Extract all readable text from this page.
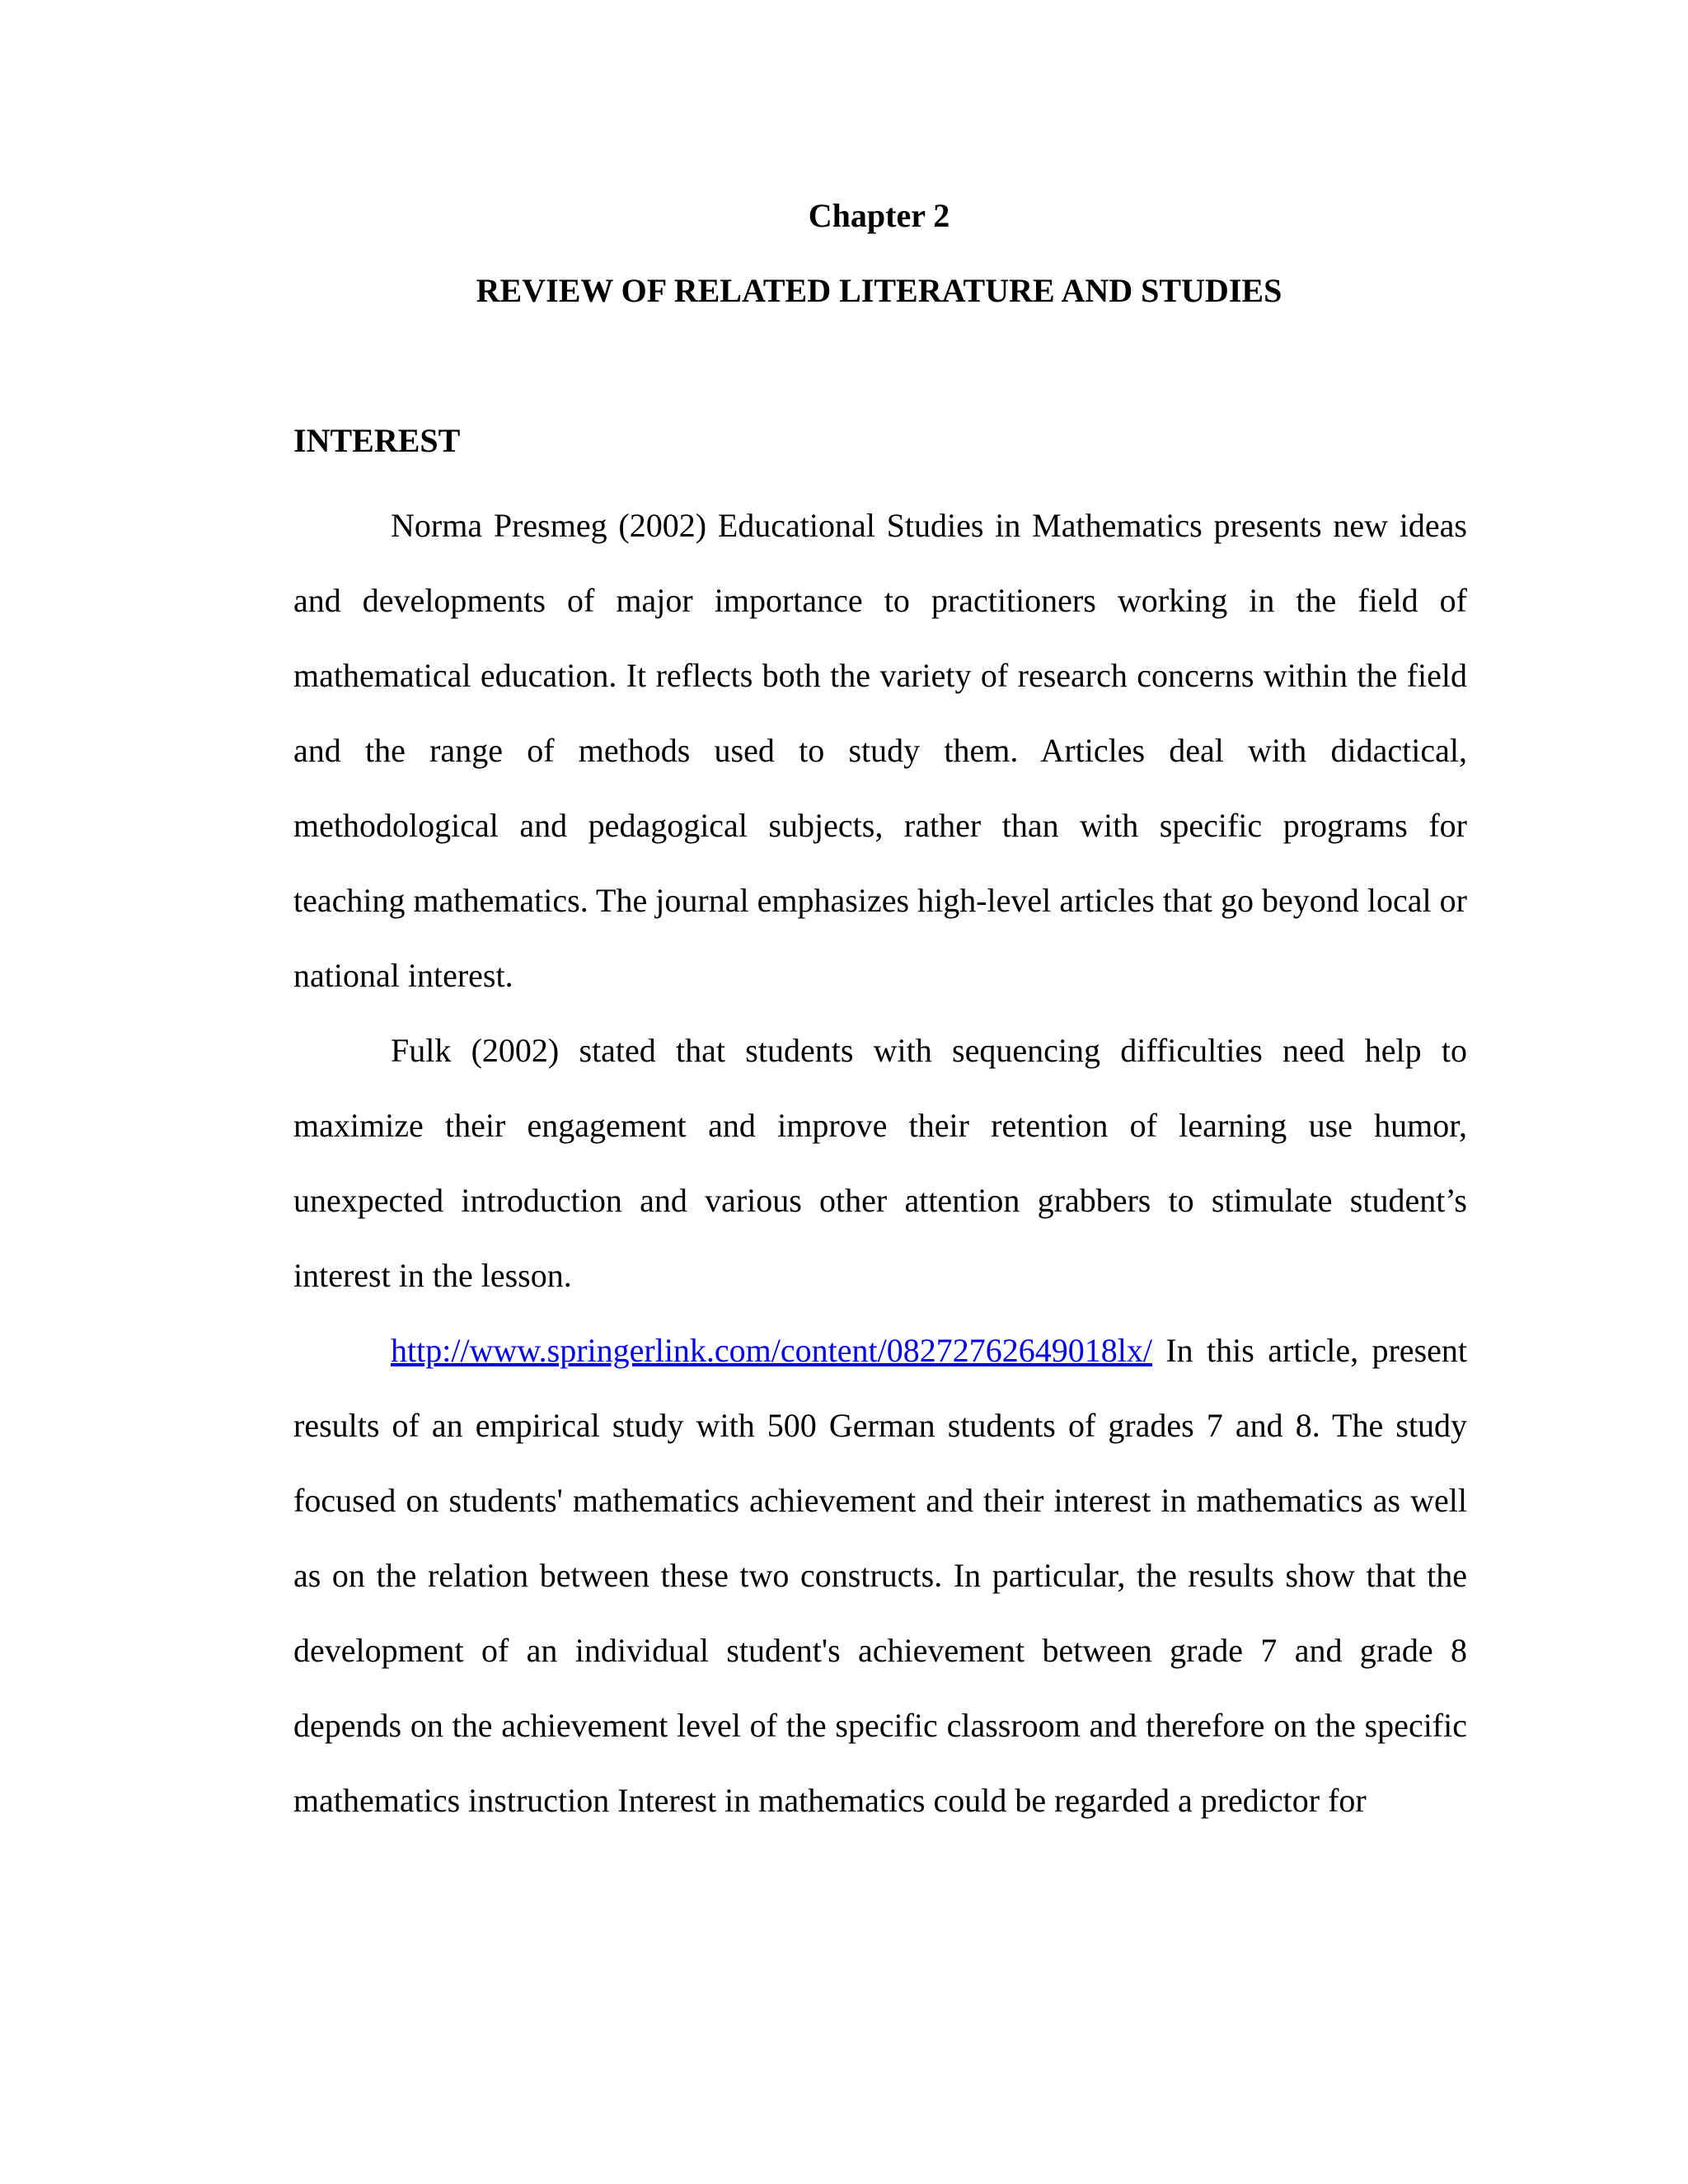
Chapter 2
REVIEW OF RELATED LITERATURE AND STUDIES
INTEREST

Norma Presmeg (2002) Educational Studies in Mathematics presents new ideas and developments of major importance to practitioners working in the field of mathematical education. It reflects both the variety of research concerns within the field and the range of methods used to study them. Articles deal with didactical, methodological and pedagogical subjects, rather than with specific programs for teaching mathematics. The journal emphasizes high-level articles that go beyond local or national interest.

Fulk (2002) stated that students with sequencing difficulties need help to maximize their engagement and improve their retention of learning use humor, unexpected introduction and various other attention grabbers to stimulate student’s interest in the lesson.

http://www.springerlink.com/content/08272762649018lx/ In this article, present results of an empirical study with 500 German students of grades 7 and 8. The study focused on students' mathematics achievement and their interest in mathematics as well as on the relation between these two constructs. In particular, the results show that the development of an individual student's achievement between grade 7 and grade 8 depends on the achievement level of the specific classroom and therefore on the specific mathematics instruction Interest in mathematics could be regarded a predictor for
